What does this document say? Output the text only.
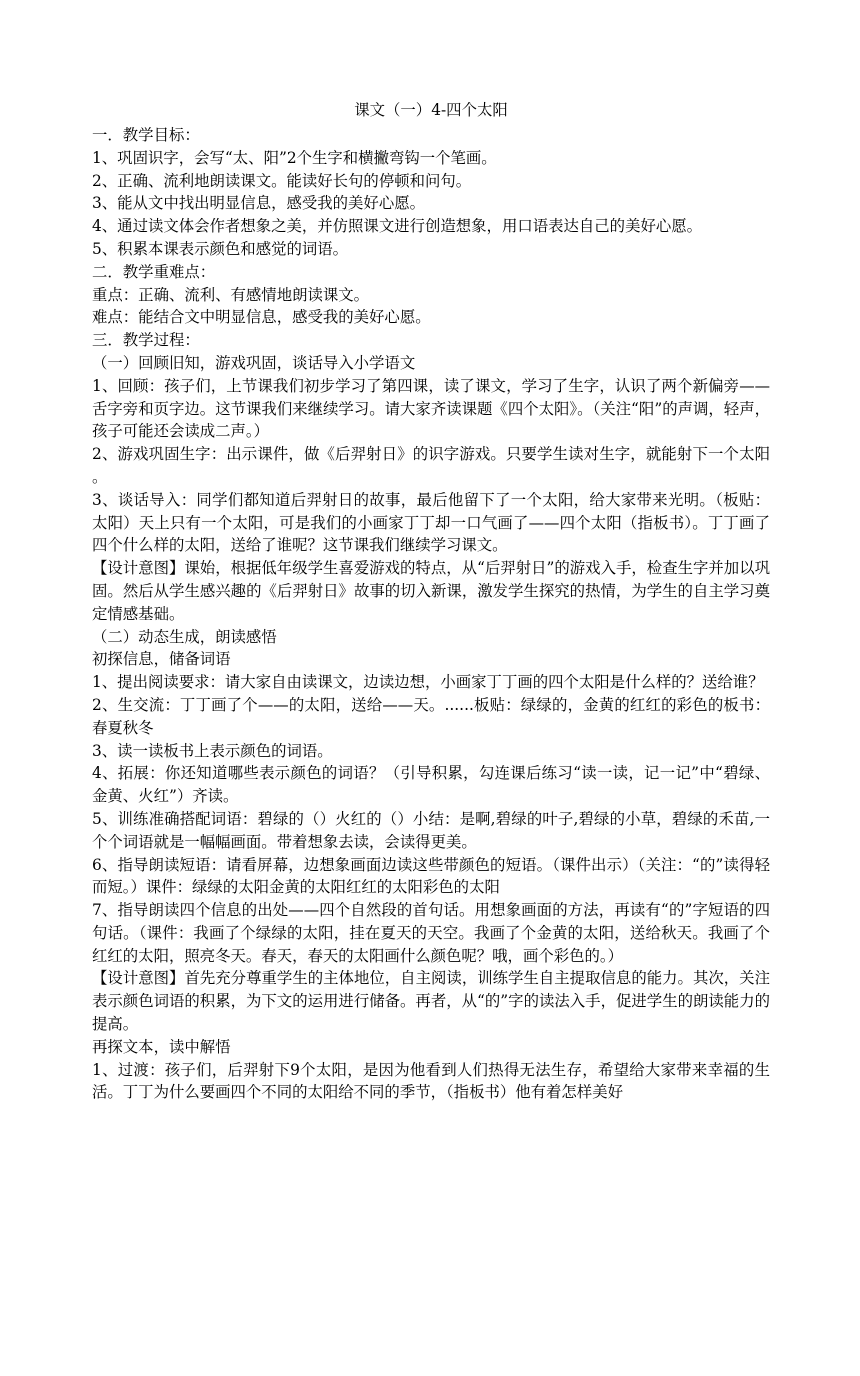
课文（一）4-四个太阳
一．教学目标：
1、巩固识字，会写“太、阳”2个生字和横撇弯钩一个笔画。
2、正确、流利地朗读课文。能读好长句的停顿和问句。
3、能从文中找出明显信息，感受我的美好心愿。
4、通过读文体会作者想象之美，并仿照课文进行创造想象，用口语表达自己的美好心愿。
5、积累本课表示颜色和感觉的词语。
二．教学重难点：
重点：正确、流利、有感情地朗读课文。
难点：能结合文中明显信息，感受我的美好心愿。
三．教学过程：
（一）回顾旧知，游戏巩固，谈话导入小学语文
1、回顾：孩子们，上节课我们初步学习了第四课，读了课文，学习了生字，认识了两个新偏旁——舌字旁和页字边。这节课我们来继续学习。请大家齐读课题《四个太阳》。（关注“阳”的声调，轻声，孩子可能还会读成二声。）
2、游戏巩固生字：出示课件，做《后羿射日》的识字游戏。只要学生读对生字，就能射下一个太阳。
3、谈话导入：同学们都知道后羿射日的故事，最后他留下了一个太阳，给大家带来光明。（板贴：太阳）天上只有一个太阳，可是我们的小画家丁丁却一口气画了——四个太阳（指板书）。丁丁画了四个什么样的太阳，送给了谁呢？这节课我们继续学习课文。
【设计意图】课始，根据低年级学生喜爱游戏的特点，从“后羿射日”的游戏入手，检查生字并加以巩固。然后从学生感兴趣的《后羿射日》故事的切入新课，激发学生探究的热情，为学生的自主学习奠定情感基础。
（二）动态生成，朗读感悟
初探信息，储备词语
1、提出阅读要求：请大家自由读课文，边读边想，小画家丁丁画的四个太阳是什么样的？送给谁？
2、生交流：丁丁画了个——的太阳，送给——天。......板贴：绿绿的，金黄的红红的彩色的板书：春夏秋冬
3、读一读板书上表示颜色的词语。
4、拓展：你还知道哪些表示颜色的词语？（引导积累，勾连课后练习“读一读，记一记”中“碧绿、金黄、火红”）齐读。
5、训练准确搭配词语：碧绿的（）火红的（）小结：是啊,碧绿的叶子,碧绿的小草，碧绿的禾苗,一个个词语就是一幅幅画面。带着想象去读，会读得更美。
6、指导朗读短语：请看屏幕，边想象画面边读这些带颜色的短语。（课件出示）（关注：“的”读得轻而短。）课件：绿绿的太阳金黄的太阳红红的太阳彩色的太阳
7、指导朗读四个信息的出处——四个自然段的首句话。用想象画面的方法，再读有“的”字短语的四句话。（课件：我画了个绿绿的太阳，挂在夏天的天空。我画了个金黄的太阳，送给秋天。我画了个红红的太阳，照亮冬天。春天，春天的太阳画什么颜色呢？哦，画个彩色的。）
【设计意图】首先充分尊重学生的主体地位，自主阅读，训练学生自主提取信息的能力。其次，关注表示颜色词语的积累，为下文的运用进行储备。再者，从“的”字的读法入手，促进学生的朗读能力的提高。
再探文本，读中解悟
1、过渡：孩子们，后羿射下9个太阳，是因为他看到人们热得无法生存，希望给大家带来幸福的生活。丁丁为什么要画四个不同的太阳给不同的季节，（指板书）他有着怎样美好
